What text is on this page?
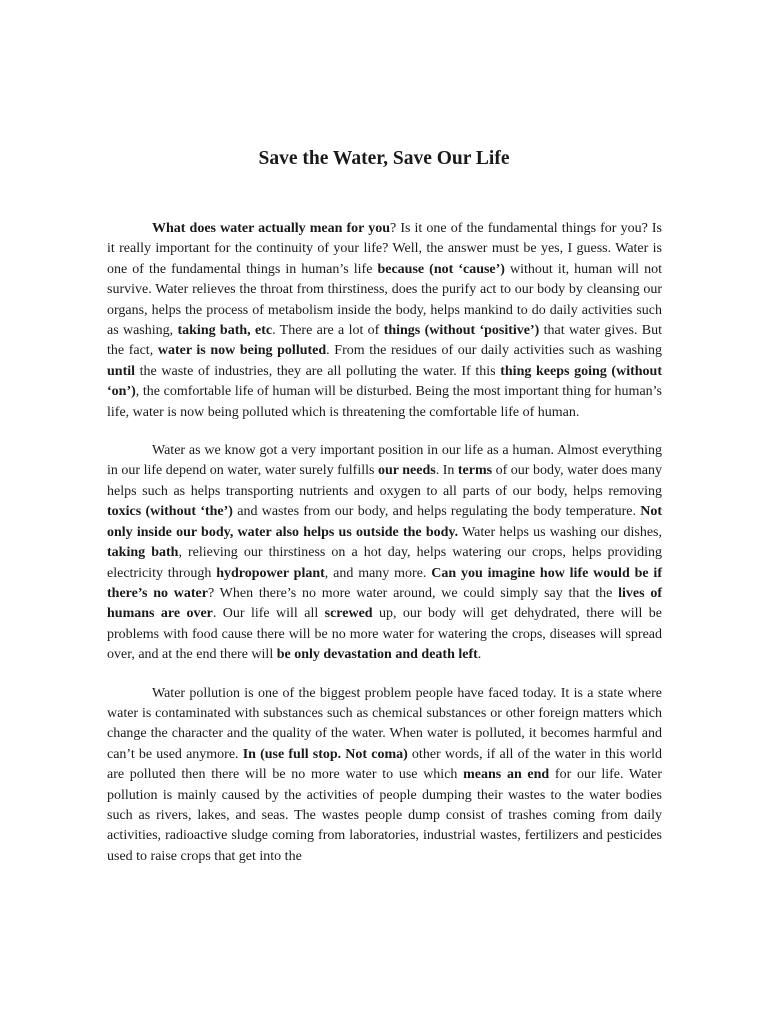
Save the Water, Save Our Life

What does water actually mean for you? Is it one of the fundamental things for you? Is it really important for the continuity of your life? Well, the answer must be yes, I guess. Water is one of the fundamental things in human’s life because (not ‘cause’) without it, human will not survive. Water relieves the throat from thirstiness, does the purify act to our body by cleansing our organs, helps the process of metabolism inside the body, helps mankind to do daily activities such as washing, taking bath, etc. There are a lot of things (without ‘positive’) that water gives. But the fact, water is now being polluted. From the residues of our daily activities such as washing until the waste of industries, they are all polluting the water. If this thing keeps going (without ‘on’), the comfortable life of human will be disturbed. Being the most important thing for human’s life, water is now being polluted which is threatening the comfortable life of human.

Water as we know got a very important position in our life as a human. Almost everything in our life depend on water, water surely fulfills our needs. In terms of our body, water does many helps such as helps transporting nutrients and oxygen to all parts of our body, helps removing toxics (without ‘the’) and wastes from our body, and helps regulating the body temperature. Not only inside our body, water also helps us outside the body. Water helps us washing our dishes, taking bath, relieving our thirstiness on a hot day, helps watering our crops, helps providing electricity through hydropower plant, and many more. Can you imagine how life would be if there’s no water? When there’s no more water around, we could simply say that the lives of humans are over. Our life will all screwed up, our body will get dehydrated, there will be problems with food cause there will be no more water for watering the crops, diseases will spread over, and at the end there will be only devastation and death left.

Water pollution is one of the biggest problem people have faced today. It is a state where water is contaminated with substances such as chemical substances or other foreign matters which change the character and the quality of the water. When water is polluted, it becomes harmful and can’t be used anymore. In (use full stop. Not coma) other words, if all of the water in this world are polluted then there will be no more water to use which means an end for our life. Water pollution is mainly caused by the activities of people dumping their wastes to the water bodies such as rivers, lakes, and seas. The wastes people dump consist of trashes coming from daily activities, radioactive sludge coming from laboratories, industrial wastes, fertilizers and pesticides used to raise crops that get into the
